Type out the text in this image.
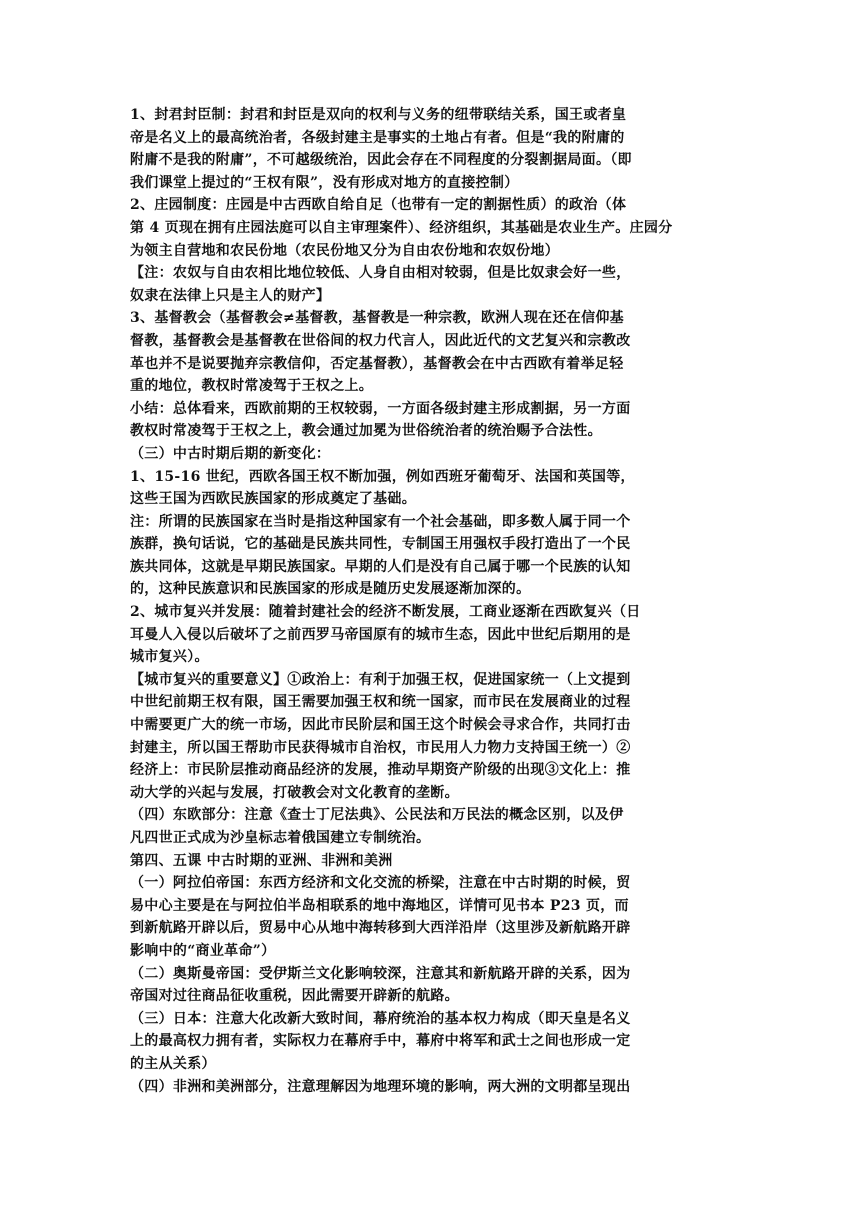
1、封君封臣制：封君和封臣是双向的权利与义务的纽带联结关系，国王或者皇
帝是名义上的最高统治者，各级封建主是事实的土地占有者。但是“我的附庸的
附庸不是我的附庸”，不可越级统治，因此会存在不同程度的分裂割据局面。（即
我们课堂上提过的“王权有限”，没有形成对地方的直接控制）
2、庄园制度：庄园是中古西欧自给自足（也带有一定的割据性质）的政治（体
第 4 页现在拥有庄园法庭可以自主审理案件）、经济组织，其基础是农业生产。庄园分
为领主自营地和农民份地（农民份地又分为自由农份地和农奴份地）
【注：农奴与自由农相比地位较低、人身自由相对较弱，但是比奴隶会好一些，
奴隶在法律上只是主人的财产】
3、基督教会（基督教会≠基督教，基督教是一种宗教，欧洲人现在还在信仰基
督教，基督教会是基督教在世俗间的权力代言人，因此近代的文艺复兴和宗教改
革也并不是说要抛弃宗教信仰，否定基督教），基督教会在中古西欧有着举足轻
重的地位，教权时常凌驾于王权之上。
小结：总体看来，西欧前期的王权较弱，一方面各级封建主形成割据，另一方面
教权时常凌驾于王权之上，教会通过加冕为世俗统治者的统治赐予合法性。
（三）中古时期后期的新变化：
1、15-16 世纪，西欧各国王权不断加强，例如西班牙葡萄牙、法国和英国等，
这些王国为西欧民族国家的形成奠定了基础。
注：所谓的民族国家在当时是指这种国家有一个社会基础，即多数人属于同一个
族群，换句话说，它的基础是民族共同性，专制国王用强权手段打造出了一个民
族共同体，这就是早期民族国家。早期的人们是没有自己属于哪一个民族的认知
的，这种民族意识和民族国家的形成是随历史发展逐渐加深的。
2、城市复兴并发展：随着封建社会的经济不断发展，工商业逐渐在西欧复兴（日
耳曼人入侵以后破坏了之前西罗马帝国原有的城市生态，因此中世纪后期用的是
城市复兴）。
【城市复兴的重要意义】①政治上：有利于加强王权，促进国家统一（上文提到
中世纪前期王权有限，国王需要加强王权和统一国家，而市民在发展商业的过程
中需要更广大的统一市场，因此市民阶层和国王这个时候会寻求合作，共同打击
封建主，所以国王帮助市民获得城市自治权，市民用人力物力支持国王统一）②
经济上：市民阶层推动商品经济的发展，推动早期资产阶级的出现③文化上：推
动大学的兴起与发展，打破教会对文化教育的垄断。
（四）东欧部分：注意《查士丁尼法典》、公民法和万民法的概念区别，以及伊
凡四世正式成为沙皇标志着俄国建立专制统治。
第四、五课 中古时期的亚洲、非洲和美洲
（一）阿拉伯帝国：东西方经济和文化交流的桥梁，注意在中古时期的时候，贸
易中心主要是在与阿拉伯半岛相联系的地中海地区，详情可见书本 P23 页，而
到新航路开辟以后，贸易中心从地中海转移到大西洋沿岸（这里涉及新航路开辟
影响中的“商业革命”）
（二）奥斯曼帝国：受伊斯兰文化影响较深，注意其和新航路开辟的关系，因为
帝国对过往商品征收重税，因此需要开辟新的航路。
（三）日本：注意大化改新大致时间，幕府统治的基本权力构成（即天皇是名义
上的最高权力拥有者，实际权力在幕府手中，幕府中将军和武士之间也形成一定
的主从关系）
（四）非洲和美洲部分，注意理解因为地理环境的影响，两大洲的文明都呈现出
